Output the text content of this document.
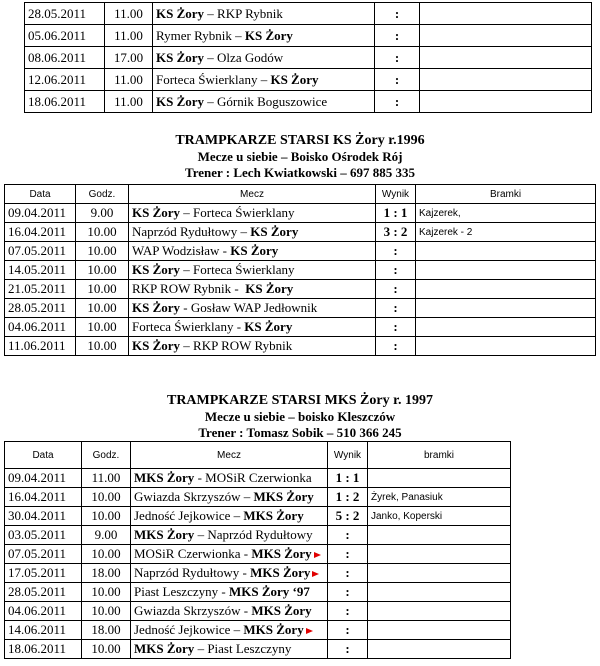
28.05.2011	11.00	KS Żory – RKP Rybnik	:	
05.06.2011	11.00	Rymer Rybnik – KS Żory	:	
08.06.2011	17.00	KS Żory – Olza Godów	:	
12.06.2011	11.00	Forteca Świerklany – KS Żory	:	
18.06.2011	11.00	KS Żory – Górnik Boguszowice	:	
TRAMPKARZE STARSI KS Żory r.1996
Mecze u siebie – Boisko Ośrodek Rój
Trener : Lech Kwiatkowski – 697 885 335
Data	Godz.	Mecz	Wynik	Bramki
09.04.2011	9.00	KS Żory – Forteca Świerklany	1 : 1	Kajzerek,
16.04.2011	10.00	Naprzód Rydułtowy – KS Żory	3 : 2	Kajzerek - 2
07.05.2011	10.00	WAP Wodzisław - KS Żory	:	
14.05.2011	10.00	KS Żory – Forteca Świerklany	:	
21.05.2011	10.00	RKP ROW Rybnik -  KS Żory	:	
28.05.2011	10.00	KS Żory - Gosław WAP Jedłownik	:	
04.06.2011	10.00	Forteca Świerklany - KS Żory	:	
11.06.2011	10.00	KS Żory – RKP ROW Rybnik	:	
TRAMPKARZE STARSI MKS Żory r. 1997
Mecze u siebie – boisko Kleszczów
Trener : Tomasz Sobik – 510 366 245
Data	Godz.	Mecz	Wynik	bramki
09.04.2011	11.00	MKS Żory - MOSiR Czerwionka	1 : 1	
16.04.2011	10.00	Gwiazda Skrzyszów – MKS Żory	1 : 2	Żyrek, Panasiuk
30.04.2011	10.00	Jedność Jejkowice – MKS Żory	5 : 2	Janko, Koperski
03.05.2011	9.00	MKS Żory – Naprzód Rydułtowy	:	
07.05.2011	10.00	MOSiR Czerwionka - MKS Żory	:	
17.05.2011	18.00	Naprzód Rydułtowy - MKS Żory	:	
28.05.2011	10.00	Piast Leszczyny - MKS Żory ‘97	:	
04.06.2011	10.00	Gwiazda Skrzyszów - MKS Żory	:	
14.06.2011	18.00	Jedność Jejkowice – MKS Żory	:	
18.06.2011	10.00	MKS Żory – Piast Leszczyny	:	
